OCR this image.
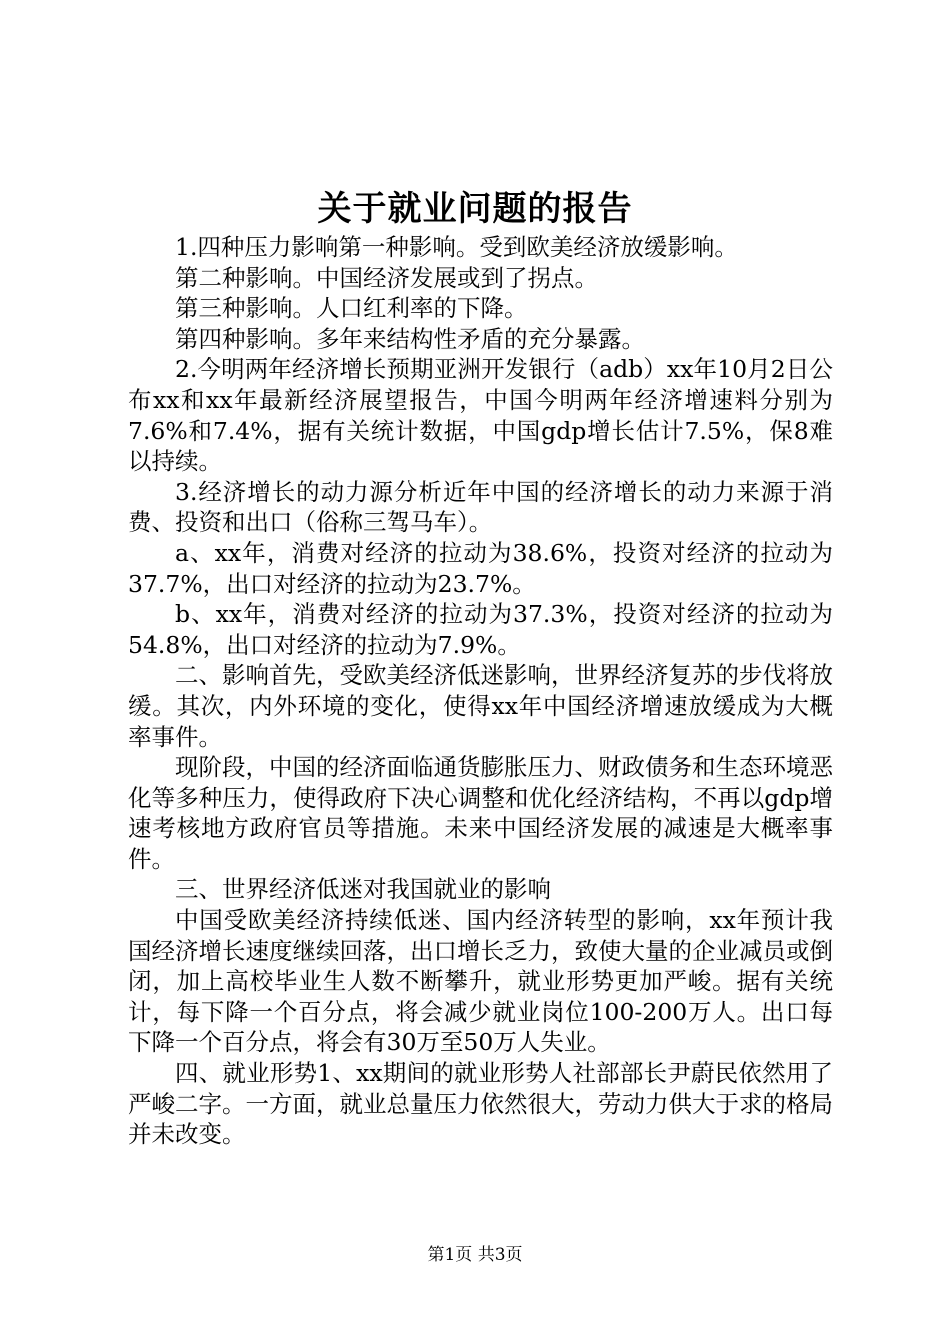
关于就业问题的报告

1.四种压力影响第一种影响。受到欧美经济放缓影响。

第二种影响。中国经济发展或到了拐点。

第三种影响。人口红利率的下降。

第四种影响。多年来结构性矛盾的充分暴露。

2.今明两年经济增长预期亚洲开发银行（adb）xx年10月2日公布xx和xx年最新经济展望报告，中国今明两年经济增速料分别为7.6%和7.4%，据有关统计数据，中国gdp增长估计7.5%，保8难以持续。

3.经济增长的动力源分析近年中国的经济增长的动力来源于消费、投资和出口（俗称三驾马车）。

a、xx年，消费对经济的拉动为38.6%，投资对经济的拉动为37.7%，出口对经济的拉动为23.7%。

b、xx年，消费对经济的拉动为37.3%，投资对经济的拉动为54.8%，出口对经济的拉动为7.9%。

二、影响首先，受欧美经济低迷影响，世界经济复苏的步伐将放缓。其次，内外环境的变化，使得xx年中国经济增速放缓成为大概率事件。

现阶段，中国的经济面临通货膨胀压力、财政债务和生态环境恶化等多种压力，使得政府下决心调整和优化经济结构，不再以gdp增速考核地方政府官员等措施。未来中国经济发展的减速是大概率事件。

三、世界经济低迷对我国就业的影响

中国受欧美经济持续低迷、国内经济转型的影响，xx年预计我国经济增长速度继续回落，出口增长乏力，致使大量的企业减员或倒闭，加上高校毕业生人数不断攀升，就业形势更加严峻。据有关统计，每下降一个百分点，将会减少就业岗位100-200万人。出口每下降一个百分点，将会有30万至50万人失业。

四、就业形势1、xx期间的就业形势人社部部长尹蔚民依然用了严峻二字。一方面，就业总量压力依然很大，劳动力供大于求的格局并未改变。

第1页 共3页
